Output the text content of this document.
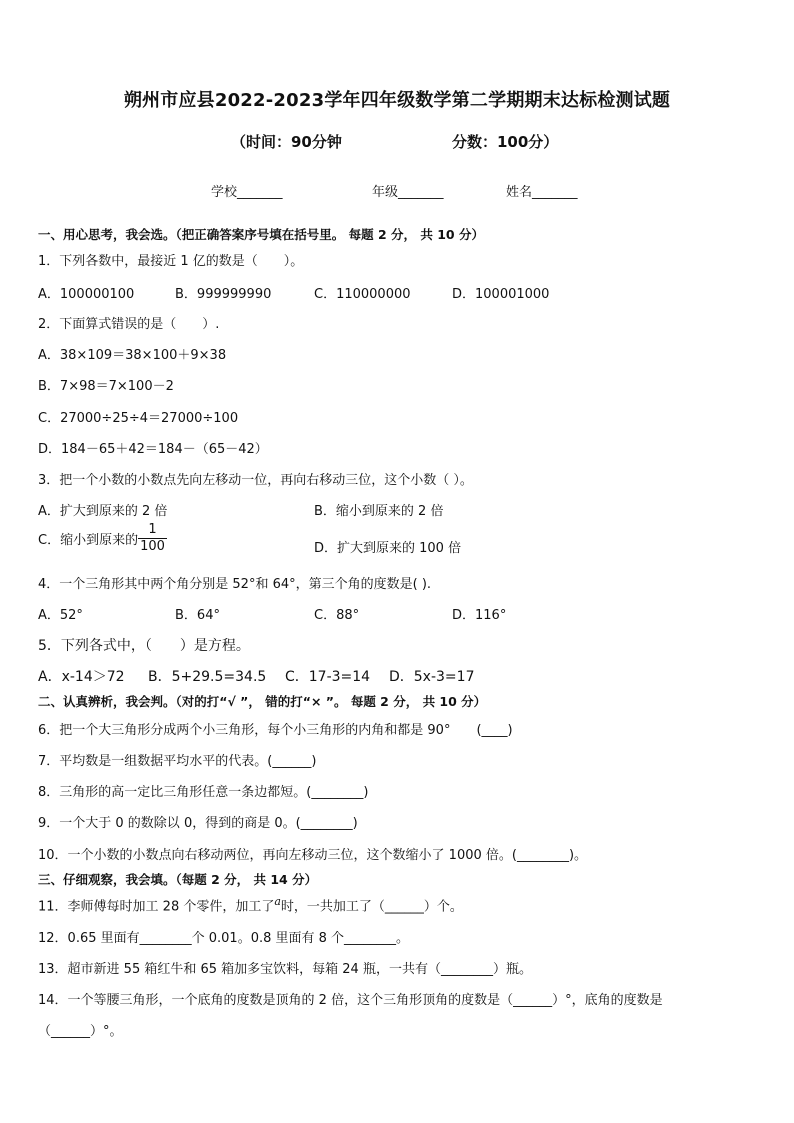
朔州市应县2022-2023学年四年级数学第二学期期末达标检测试题
（时间：90分钟	分数：100分）
学校_______	年级_______	姓名_______
一、用心思考，我会选。（把正确答案序号填在括号里。 每题 2 分， 共 10 分）
1．下列各数中，最接近 1 亿的数是（　　）。
A．100000100	B．999999990	C．110000000	D．100001000
2．下面算式错误的是（　　）.
A．38×109＝38×100＋9×38
B．7×98＝7×100－2
C．27000÷25÷4＝27000÷100
D．184－65＋42＝184－（65－42）
3．把一个小数的小数点先向左移动一位，再向右移动三位，这个小数（ ）。
A．扩大到原来的 2 倍	B．缩小到原来的 2 倍
C．缩小到原来的 $\frac{1}{100}$	D．扩大到原来的 100 倍
4．一个三角形其中两个角分别是 52°和 64°，第三个角的度数是( ).
A．52°	B．64°	C．88°	D．116°
5．下列各式中，（　　）是方程。
A．x-14＞72 B．5+29.5=34.5 C．17-3=14 D．5x-3=17
二、认真辨析，我会判。（对的打“√ ”， 错的打“× ”。 每题 2 分， 共 10 分）
6．把一个大三角形分成两个小三角形，每个小三角形的内角和都是 90°　　(____)
7．平均数是一组数据平均水平的代表。(______)
8．三角形的高一定比三角形任意一条边都短。(________)
9．一个大于 0 的数除以 0，得到的商是 0。(________)
10．一个小数的小数点向右移动两位，再向左移动三位，这个数缩小了 1000 倍。(________)。
三、仔细观察，我会填。（每题 2 分， 共 14 分）
11．李师傅每时加工 28 个零件，加工了$^a$时，一共加工了（______）个。
12．0.65 里面有________个 0.01。0.8 里面有 8 个________。
13．超市新进 55 箱红牛和 65 箱加多宝饮料，每箱 24 瓶，一共有（________）瓶。
14．一个等腰三角形，一个底角的度数是顶角的 2 倍，这个三角形顶角的度数是（______）°，底角的度数是
（______）°。
